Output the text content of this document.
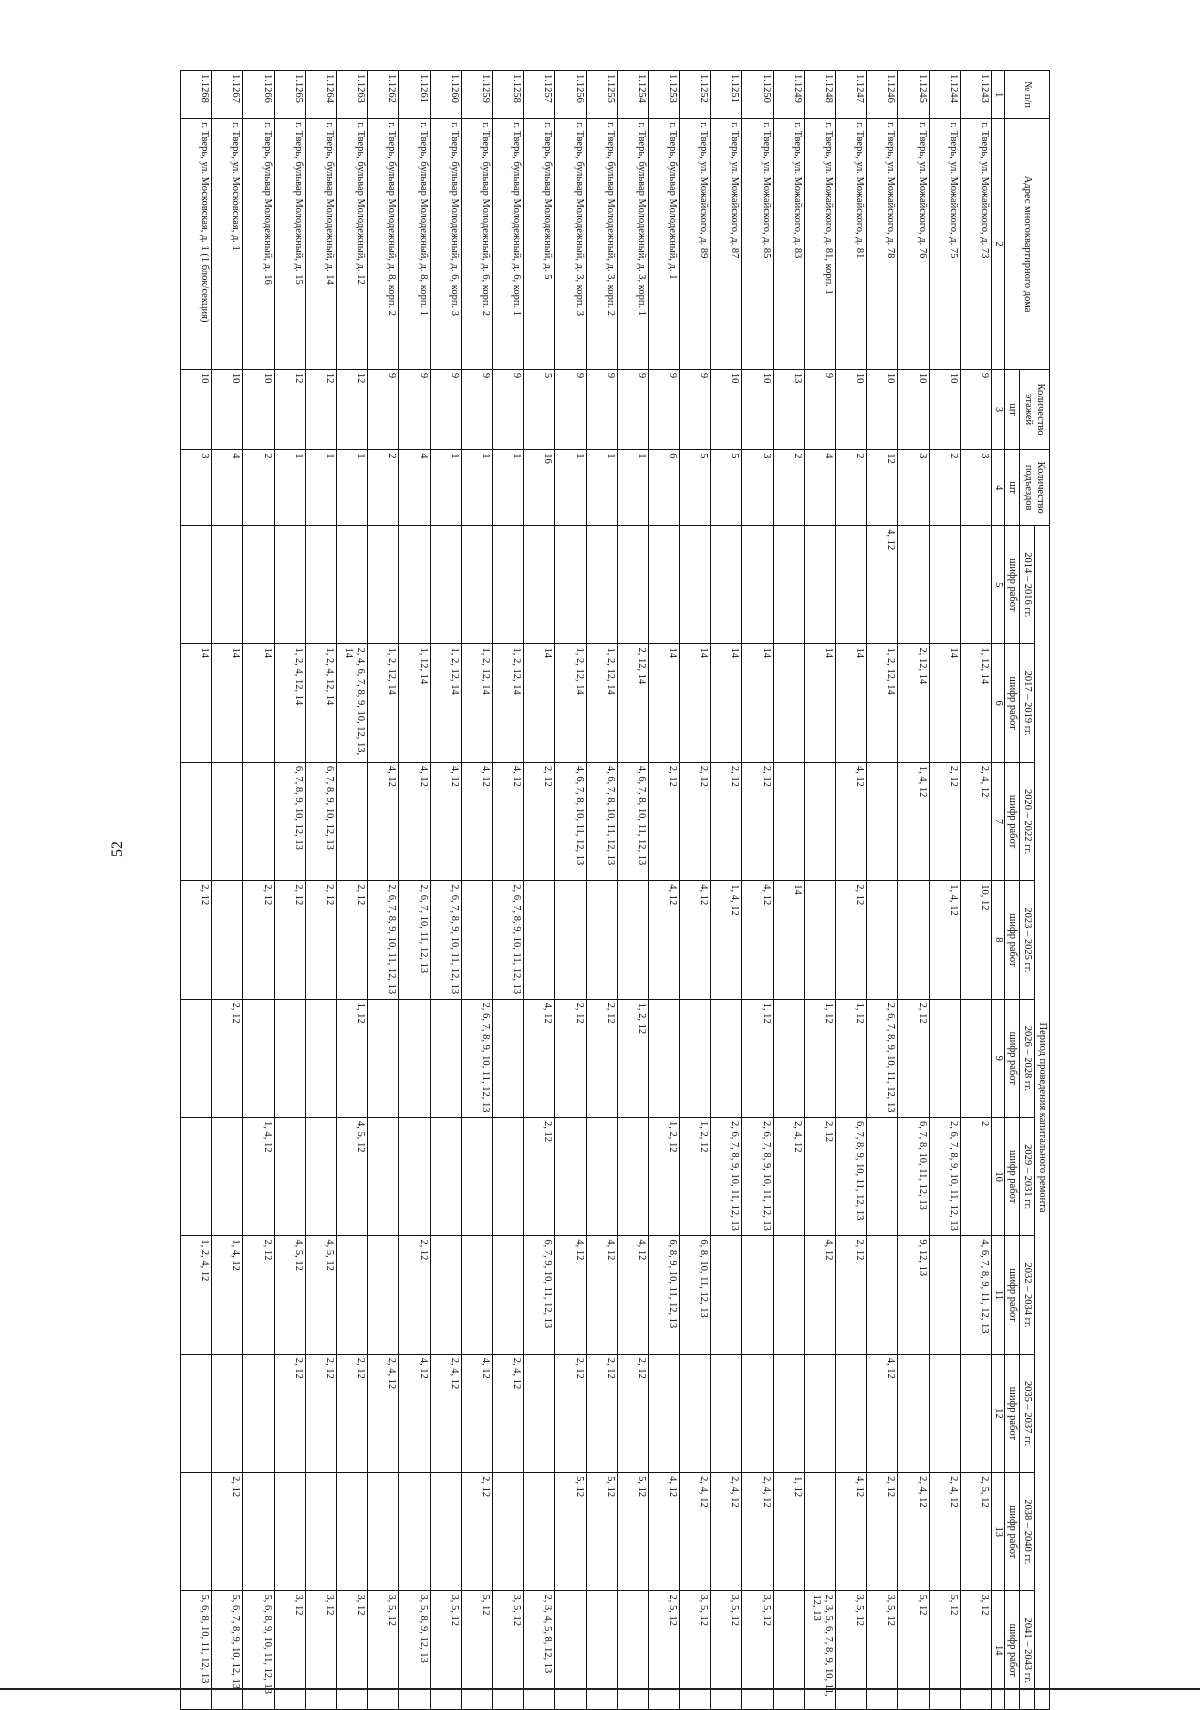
52
№ п/п	Адрес многоквартирного дома	Количество этажей	Количество подъездов	Период проведения капитального ремонта									
				2014 – 2016 гг.	2017 – 2019 гг.	2020 – 2022 гг.	2023 – 2025 гг.	2026 – 2028 гг.	2029 – 2031 гг.	2032 – 2034 гг.	2035 – 2037 гг.	2038 – 2040 гг.	2041 – 2043 гг.
		шт	шт	шифр работ	шифр работ	шифр работ	шифр работ	шифр работ	шифр работ	шифр работ	шифр работ	шифр работ	шифр работ
1	2	3	4	5	6	7	8	9	10	11	12	13	14
1.1243	г. Тверь, ул. Можайского, д. 73	9	3		1, 12, 14	2, 4, 12	10, 12		2	4, 6, 7, 8, 9, 11, 12, 13		2, 5, 12	3, 12
1.1244	г. Тверь, ул. Можайского, д. 75	10	2		14	2, 12	1, 4, 12		2, 6, 7, 8, 9, 10, 11, 12, 13			2, 4, 12	5, 12
1.1245	г. Тверь, ул. Можайского, д. 76	10	3		2, 12, 14	1, 4, 12		2, 12	6, 7, 8, 10, 11, 12, 13	9, 12, 13		2, 4, 12	5, 12
1.1246	г. Тверь, ул. Можайского, д. 78	10	12	4, 12	1, 2, 12, 14			2, 6, 7, 8, 9, 10, 11, 12, 13			4, 12	2, 12	3, 5, 12
1.1247	г. Тверь, ул. Можайского, д. 81	10	2		14	4, 12	2, 12	1, 12	6, 7, 8, 9, 10, 11, 12, 13	2, 12		4, 12	3, 5, 12
1.1248	г. Тверь, ул. Можайского, д. 81, корп. 1	9	4		14			1, 12	2, 12	4, 12			2, 3, 5, 6, 7, 8, 9, 10, 11, 12, 13
1.1249	г. Тверь, ул. Можайского, д. 83	13	2				14		2, 4, 12			1, 12	
1.1250	г. Тверь, ул. Можайского, д. 85	10	3		14	2, 12	4, 12	1, 12	2, 6, 7, 8, 9, 10, 11, 12, 13			2, 4, 12	3, 5, 12
1.1251	г. Тверь, ул. Можайского, д. 87	10	5		14	2, 12	1, 4, 12		2, 6, 7, 8, 9, 10, 11, 12, 13			2, 4, 12	3, 5, 12
1.1252	г. Тверь, ул. Можайского, д. 89	9	5		14	2, 12	4, 12		1, 2, 12	6, 8, 10, 11, 12, 13		2, 4, 12	3, 5, 12
1.1253	г. Тверь, бульвар Молодежный, д. 1	9	6		14	2, 12	4, 12		1, 2, 12	6, 8, 9, 10, 11, 12, 13		4, 12	2, 5, 12
1.1254	г. Тверь, бульвар Молодежный, д. 3, корп. 1	9	1		2, 12, 14	4, 6, 7, 8, 10, 11, 12, 13		1, 2, 12		4, 12	2, 12	5, 12	
1.1255	г. Тверь, бульвар Молодежный, д. 3, корп. 2	9	1		1, 2, 12, 14	4, 6, 7, 8, 10, 11, 12, 13		2, 12		4, 12	2, 12	5, 12	
1.1256	г. Тверь, бульвар Молодежный, д. 3, корп. 3	9	1		1, 2, 12, 14	4, 6, 7, 8, 10, 11, 12, 13		2, 12		4, 12	2, 12	5, 12	
1.1257	г. Тверь, бульвар Молодежный, д. 5	5	16		14	2, 12		4, 12	2, 12	6, 7, 9, 10, 11, 12, 13			2, 3, 4, 5, 8, 12, 13
1.1258	г. Тверь, бульвар Молодежный, д. 6, корп. 1	9	1		1, 2, 12, 14	4, 12	2, 6, 7, 8, 9, 10, 11, 12, 13				2, 4, 12		3, 5, 12
1.1259	г. Тверь, бульвар Молодежный, д. 6, корп. 2	9	1		1, 2, 12, 14	4, 12		2, 6, 7, 8, 9, 10, 11, 12, 13			4, 12	2, 12	5, 12
1.1260	г. Тверь, бульвар Молодежный, д. 6, корп. 3	9	1		1, 2, 12, 14	4, 12	2, 6, 7, 8, 9, 10, 11, 12, 13				2, 4, 12		3, 5, 12
1.1261	г. Тверь, бульвар Молодежный, д. 8, корп. 1	9	4		1, 12, 14	4, 12	2, 6, 7, 10, 11, 12, 13			2, 12	4, 12		3, 5, 8, 9, 12, 13
1.1262	г. Тверь, бульвар Молодежный, д. 8, корп. 2	9	2		1, 2, 12, 14	4, 12	2, 6, 7, 8, 9, 10, 11, 12, 13				2, 4, 12		3, 5, 12
1.1263	г. Тверь, бульвар Молодежный, д. 12	12	1		2, 4, 6, 7, 8, 9, 10, 12, 13, 14		2, 12	1, 12	4, 5, 12		2, 12		3, 12
1.1264	г. Тверь, бульвар Молодежный, д. 14	12	1		1, 2, 4, 12, 14	6, 7, 8, 9, 10, 12, 13	2, 12			4, 5, 12	2, 12		3, 12
1.1265	г. Тверь, бульвар Молодежный, д. 15	12	1		1, 2, 4, 12, 14	6, 7, 8, 9, 10, 12, 13	2, 12			4, 5, 12	2, 12		3, 12
1.1266	г. Тверь, бульвар Молодежный, д. 16	10	2		14		2, 12		1, 4, 12	2, 12			5, 6, 8, 9, 10, 11, 12, 13
1.1267	г. Тверь, ул. Московская, д. 1	10	4		14			2, 12		1, 4, 12		2, 12	5, 6, 7, 8, 9, 10, 12, 13
1.1268	г. Тверь, ул. Московская, д. 1 (1 блок/секция)	10	3		14		2, 12			1, 2, 4, 12			5, 6, 8, 10, 11, 12, 13
